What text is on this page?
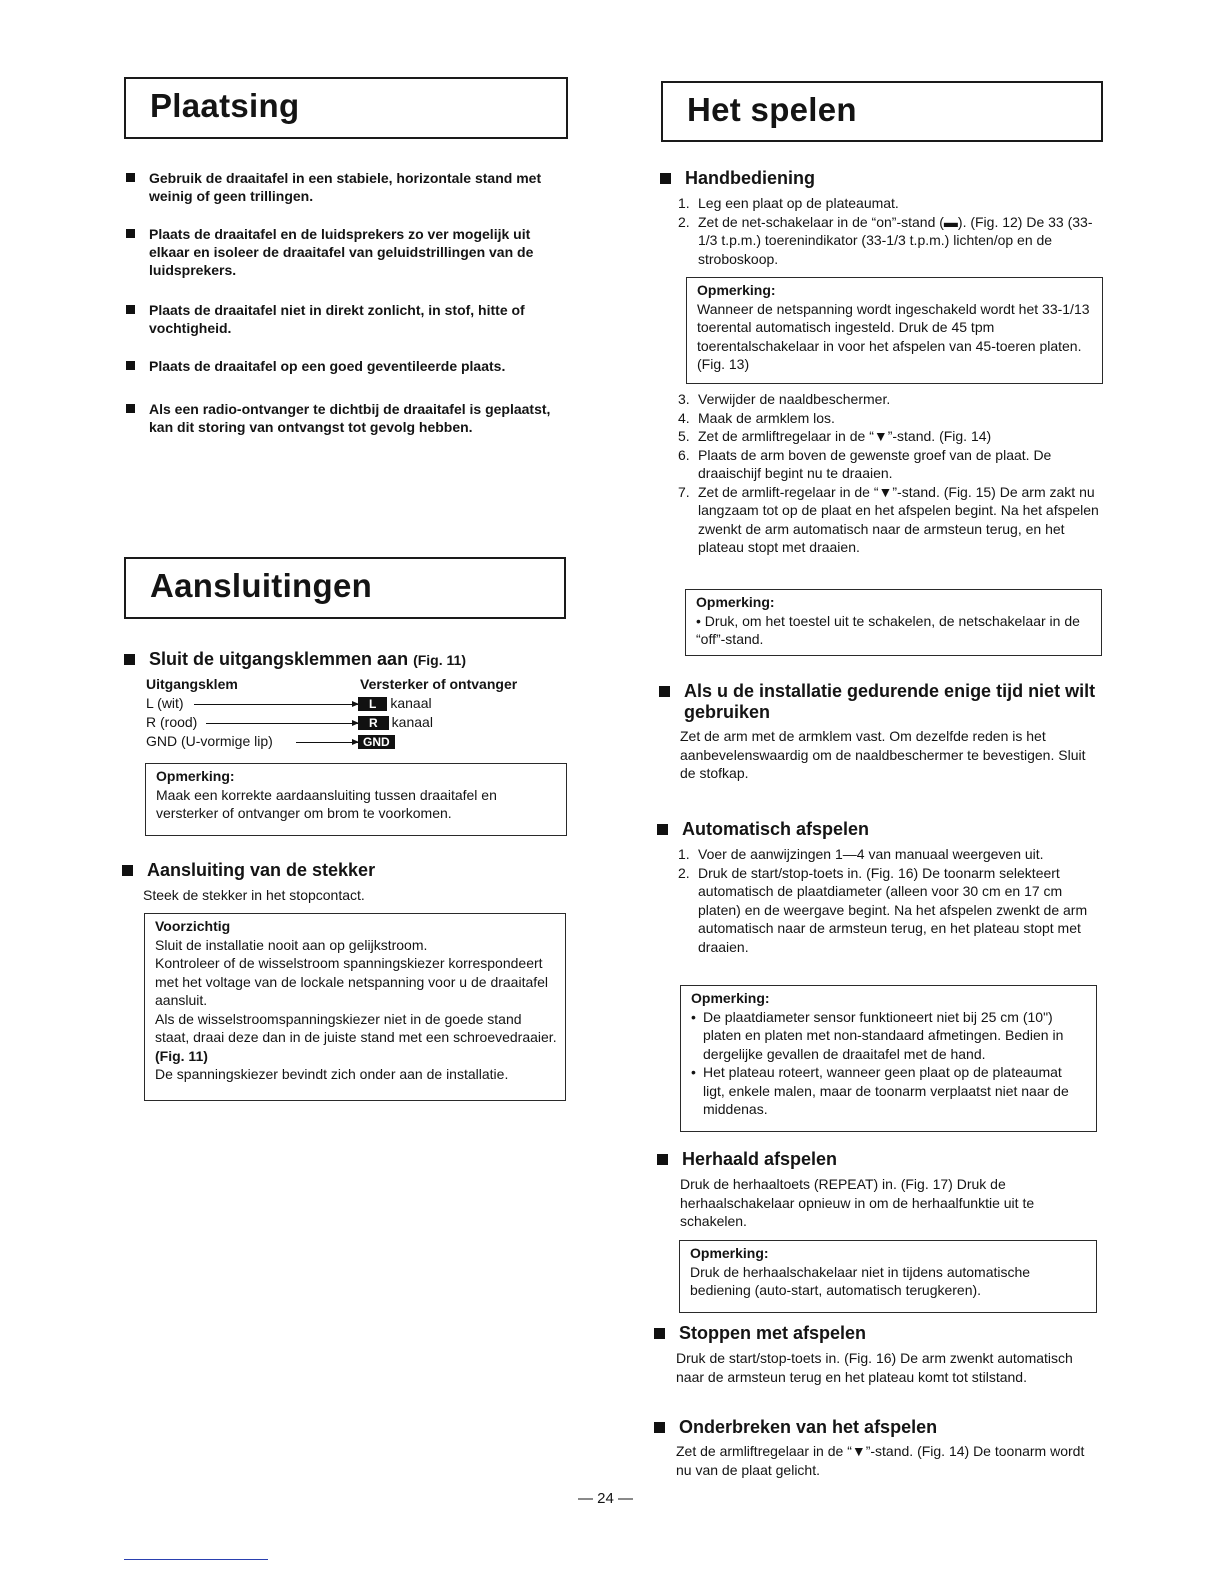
Plaatsing

Gebruik de draaitafel in een stabiele, horizontale stand met weinig of geen trillingen.

Plaats de draaitafel en de luidsprekers zo ver mogelijk uit elkaar en isoleer de draaitafel van geluidstrillingen van de luidsprekers.

Plaats de draaitafel niet in direkt zonlicht, in stof, hitte of vochtigheid.

Plaats de draaitafel op een goed geventileerde plaats.

Als een radio-ontvanger te dichtbij de draaitafel is geplaatst, kan dit storing van ontvangst tot gevolg hebben.

Aansluitingen
Sluit de uitgangsklemmen aan (Fig. 11)
Uitgangsklem	Versterker of ontvanger
L (wit)	L kanaal
R (rood)	R kanaal
GND (U-vormige lip)	GND
Opmerking:
Maak een korrekte aardaansluiting tussen draaitafel en versterker of ontvanger om brom te voorkomen.
Aansluiting van de stekker
Steek de stekker in het stopcontact.
Voorzichtig
Sluit de installatie nooit aan op gelijkstroom.
Kontroleer of de wisselstroom spanningskiezer korrespondeert met het voltage van de lockale netspanning voor u de draaitafel aansluit.
Als de wisselstroomspanningskiezer niet in de goede stand staat, draai deze dan in de juiste stand met een schroevedraaier. (Fig. 11)
De spanningskiezer bevindt zich onder aan de installatie.
Het spelen
Handbediening
1. Leg een plaat op de plateaumat.
2. Zet de net-schakelaar in de “on”-stand (▬). (Fig. 12) De 33 (33-1/3 t.p.m.) toerenindikator (33-1/3 t.p.m.) lichten/op en de stroboskoop.
Opmerking:
Wanneer de netspanning wordt ingeschakeld wordt het 33-1/13 toerental automatisch ingesteld. Druk de 45 tpm toerentalschakelaar in voor het afspelen van 45-toeren platen. (Fig. 13)
3. Verwijder de naaldbeschermer.
4. Maak de armklem los.
5. Zet de armliftregelaar in de “▼”-stand. (Fig. 14)
6. Plaats de arm boven de gewenste groef van de plaat. De draaischijf begint nu te draaien.
7. Zet de armlift-regelaar in de “▼”-stand. (Fig. 15) De arm zakt nu langzaam tot op de plaat en het afspelen begint. Na het afspelen zwenkt de arm automatisch naar de armsteun terug, en het plateau stopt met draaien.
Opmerking:
• Druk, om het toestel uit te schakelen, de netschakelaar in de “off”-stand.
Als u de installatie gedurende enige tijd niet wilt gebruiken
Zet de arm met de armklem vast. Om dezelfde reden is het aanbevelenswaardig om de naaldbeschermer te bevestigen. Sluit de stofkap.
Automatisch afspelen
1. Voer de aanwijzingen 1—4 van manuaal weergeven uit.
2. Druk de start/stop-toets in. (Fig. 16) De toonarm selekteert automatisch de plaatdiameter (alleen voor 30 cm en 17 cm platen) en de weergave begint. Na het afspelen zwenkt de arm automatisch naar de armsteun terug, en het plateau stopt met draaien.
Opmerking:
• De plaatdiameter sensor funktioneert niet bij 25 cm (10") platen en platen met non-standaard afmetingen. Bedien in dergelijke gevallen de draaitafel met de hand.
• Het plateau roteert, wanneer geen plaat op de plateaumat ligt, enkele malen, maar de toonarm verplaatst niet naar de middenas.
Herhaald afspelen
Druk de herhaaltoets (REPEAT) in. (Fig. 17) Druk de herhaalschakelaar opnieuw in om de herhaalfunktie uit te schakelen.
Opmerking:
Druk de herhaalschakelaar niet in tijdens automatische bediening (auto-start, automatisch terugkeren).
Stoppen met afspelen
Druk de start/stop-toets in. (Fig. 16) De arm zwenkt automatisch naar de armsteun terug en het plateau komt tot stilstand.
Onderbreken van het afspelen
Zet de armliftregelaar in de “▼”-stand. (Fig. 14) De toonarm wordt nu van de plaat gelicht.
— 24 —
